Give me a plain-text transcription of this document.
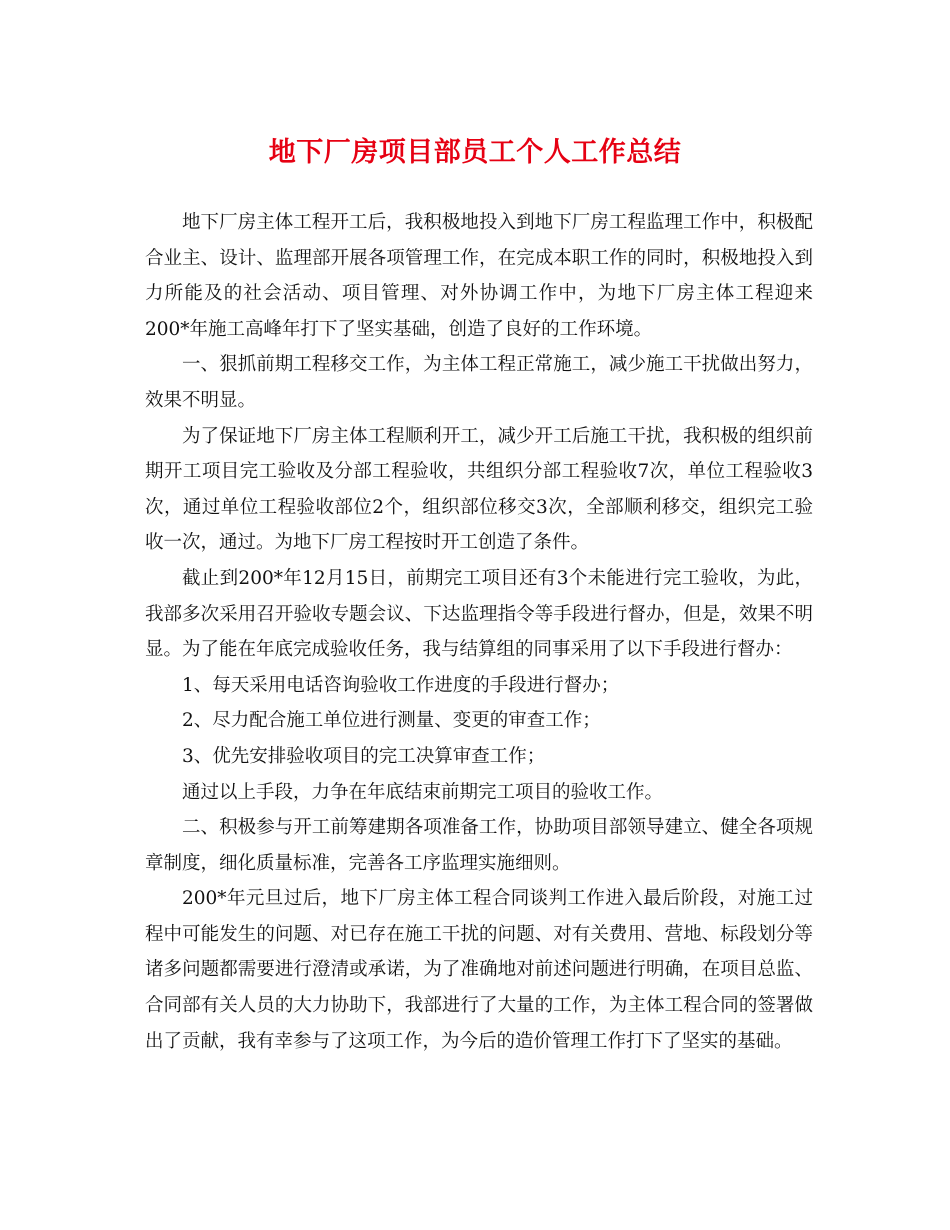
地下厂房项目部员工个人工作总结

地下厂房主体工程开工后，我积极地投入到地下厂房工程监理工作中，积极配合业主、设计、监理部开展各项管理工作，在完成本职工作的同时，积极地投入到力所能及的社会活动、项目管理、对外协调工作中，为地下厂房主体工程迎来200*年施工高峰年打下了坚实基础，创造了良好的工作环境。

一、狠抓前期工程移交工作，为主体工程正常施工，减少施工干扰做出努力，效果不明显。

为了保证地下厂房主体工程顺利开工，减少开工后施工干扰，我积极的组织前期开工项目完工验收及分部工程验收，共组织分部工程验收7次，单位工程验收3次，通过单位工程验收部位2个，组织部位移交3次，全部顺利移交，组织完工验收一次，通过。为地下厂房工程按时开工创造了条件。

截止到200*年12月15日，前期完工项目还有3个未能进行完工验收，为此，我部多次采用召开验收专题会议、下达监理指令等手段进行督办，但是，效果不明显。为了能在年底完成验收任务，我与结算组的同事采用了以下手段进行督办：

1、每天采用电话咨询验收工作进度的手段进行督办；

2、尽力配合施工单位进行测量、变更的审查工作；

3、优先安排验收项目的完工决算审查工作；

通过以上手段，力争在年底结束前期完工项目的验收工作。

二、积极参与开工前筹建期各项准备工作，协助项目部领导建立、健全各项规章制度，细化质量标准，完善各工序监理实施细则。

200*年元旦过后，地下厂房主体工程合同谈判工作进入最后阶段，对施工过程中可能发生的问题、对已存在施工干扰的问题、对有关费用、营地、标段划分等诸多问题都需要进行澄清或承诺，为了准确地对前述问题进行明确，在项目总监、合同部有关人员的大力协助下，我部进行了大量的工作，为主体工程合同的签署做出了贡献，我有幸参与了这项工作，为今后的造价管理工作打下了坚实的基础。
